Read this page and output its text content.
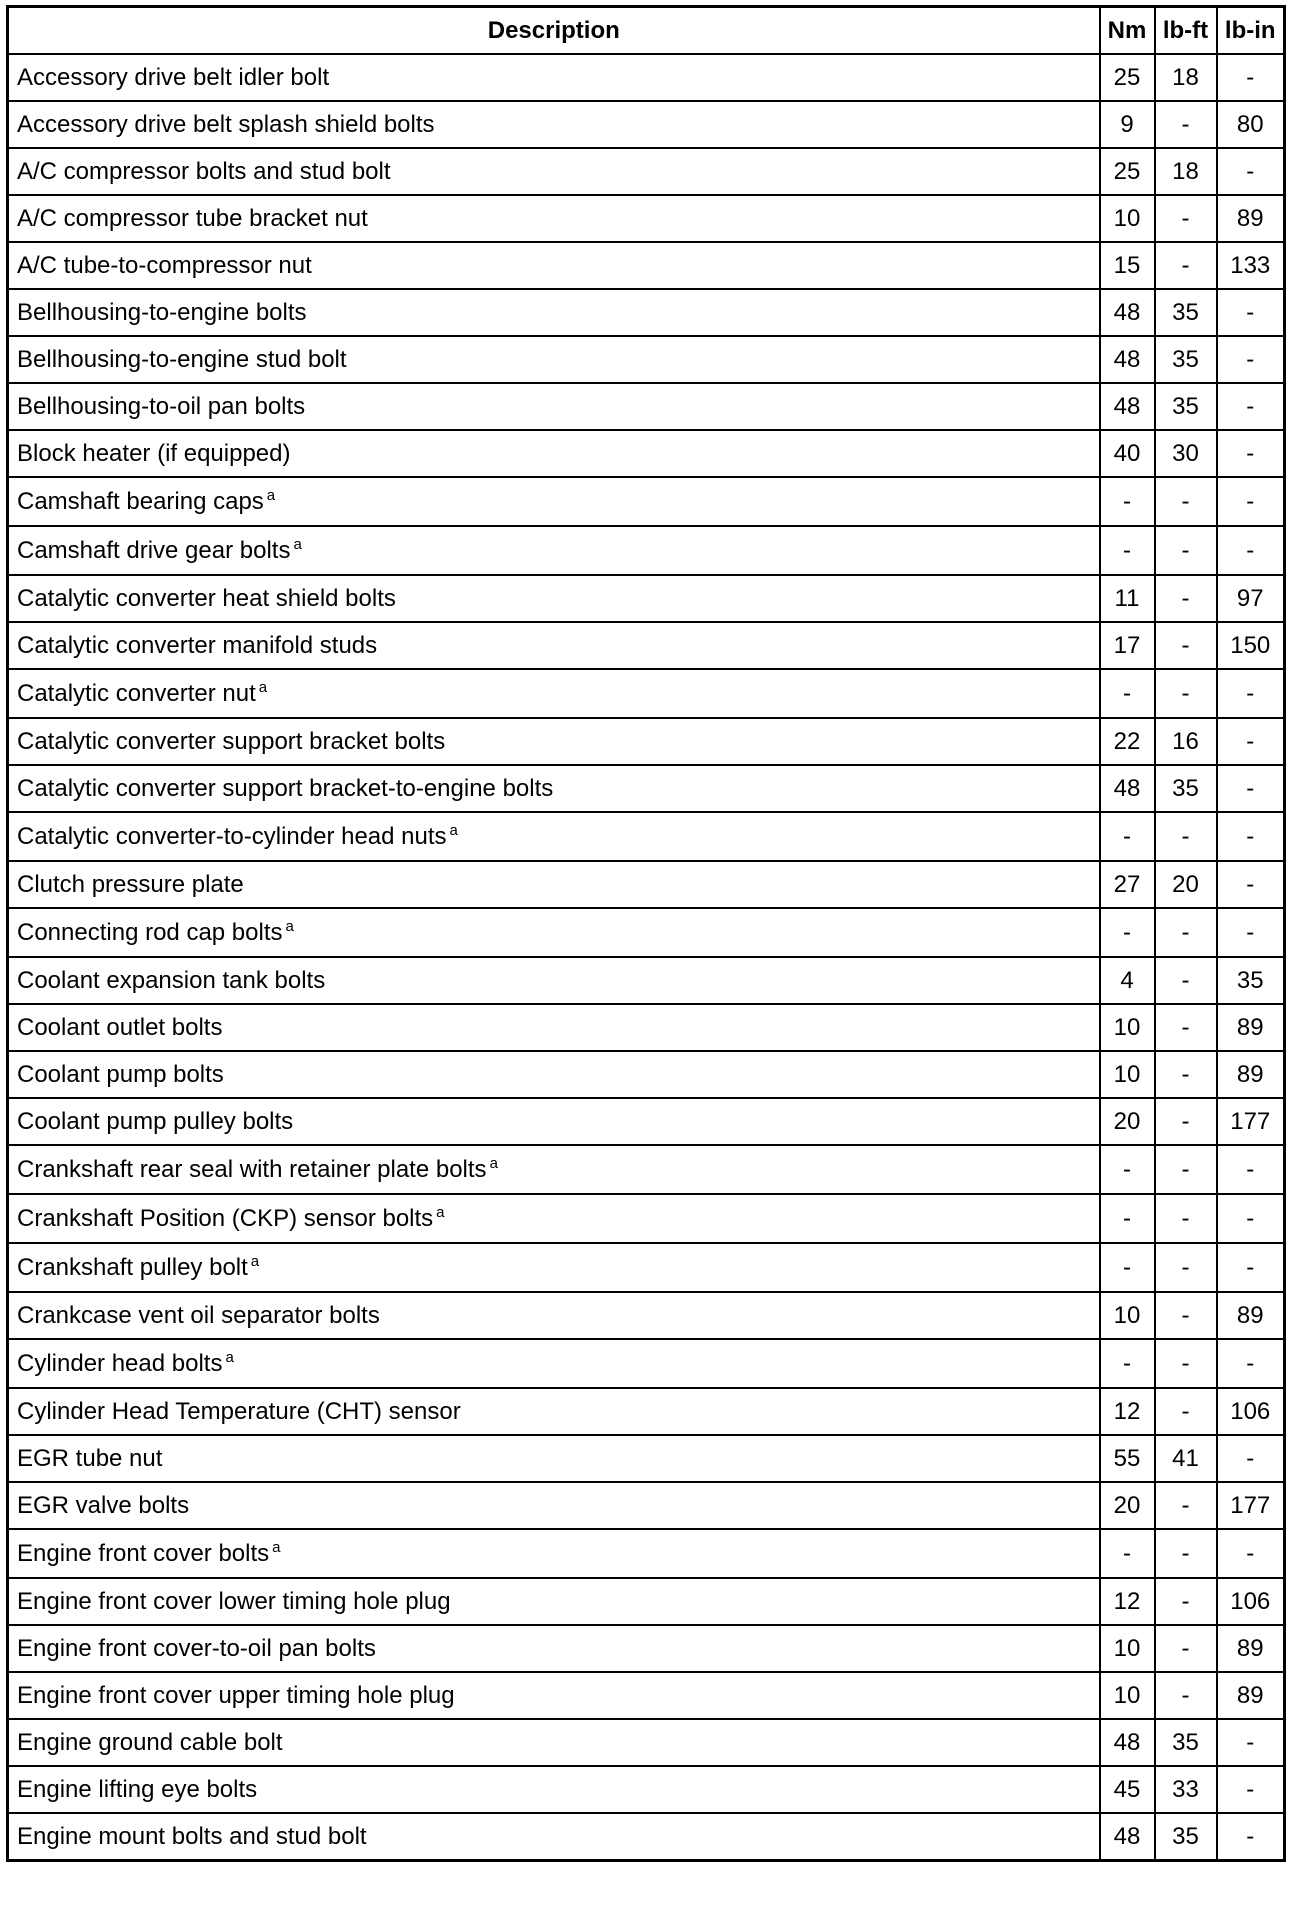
Description	Nm	lb-ft	lb-in
Accessory drive belt idler bolt	25	18	-
Accessory drive belt splash shield bolts	9	-	80
A/C compressor bolts and stud bolt	25	18	-
A/C compressor tube bracket nut	10	-	89
A/C tube-to-compressor nut	15	-	133
Bellhousing-to-engine bolts	48	35	-
Bellhousing-to-engine stud bolt	48	35	-
Bellhousing-to-oil pan bolts	48	35	-
Block heater (if equipped)	40	30	-
Camshaft bearing caps $^a$	-	-	-
Camshaft drive gear bolts $^a$	-	-	-
Catalytic converter heat shield bolts	11	-	97
Catalytic converter manifold studs	17	-	150
Catalytic converter nut $^a$	-	-	-
Catalytic converter support bracket bolts	22	16	-
Catalytic converter support bracket-to-engine bolts	48	35	-
Catalytic converter-to-cylinder head nuts $^a$	-	-	-
Clutch pressure plate	27	20	-
Connecting rod cap bolts $^a$	-	-	-
Coolant expansion tank bolts	4	-	35
Coolant outlet bolts	10	-	89
Coolant pump bolts	10	-	89
Coolant pump pulley bolts	20	-	177
Crankshaft rear seal with retainer plate bolts $^a$	-	-	-
Crankshaft Position (CKP) sensor bolts $^a$	-	-	-
Crankshaft pulley bolt $^a$	-	-	-
Crankcase vent oil separator bolts	10	-	89
Cylinder head bolts $^a$	-	-	-
Cylinder Head Temperature (CHT) sensor	12	-	106
EGR tube nut	55	41	-
EGR valve bolts	20	-	177
Engine front cover bolts $^a$	-	-	-
Engine front cover lower timing hole plug	12	-	106
Engine front cover-to-oil pan bolts	10	-	89
Engine front cover upper timing hole plug	10	-	89
Engine ground cable bolt	48	35	-
Engine lifting eye bolts	45	33	-
Engine mount bolts and stud bolt	48	35	-
